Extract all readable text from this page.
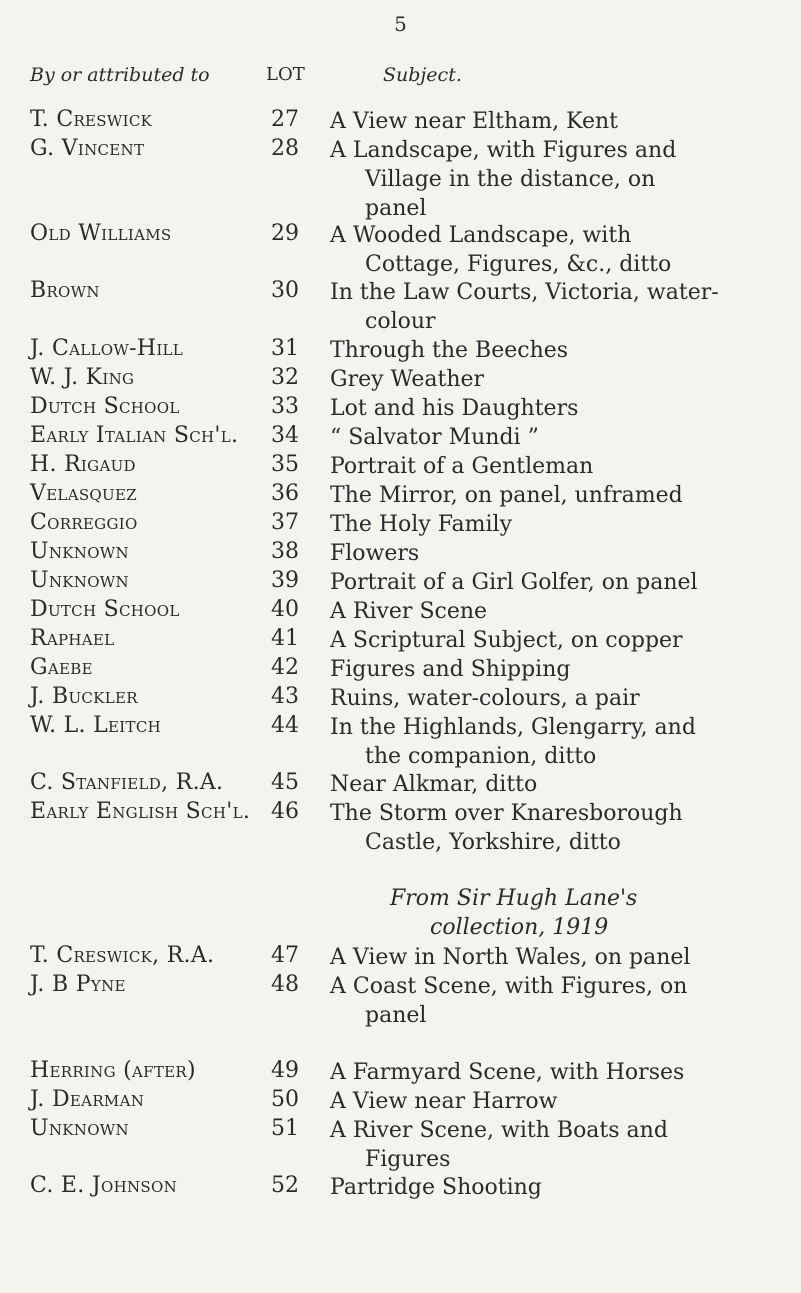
5
By or attributed to	LOT	Subject.
T. Creswick	27 A View near Eltham, Kent
G. Vincent	28 A Landscape, with Figures and
Village in the distance, on
panel
Old Williams	29 A Wooded Landscape, with
Cottage, Figures, &c., ditto
Brown	30 In the Law Courts, Victoria, water-
colour
J. Callow-Hill	31 Through the Beeches
W. J. King	32 Grey Weather
Dutch School	33 Lot and his Daughters
Early Italian Sch'l. 34 “ Salvator Mundi ”
H. Rigaud	35 Portrait of a Gentleman
Velasquez	36 The Mirror, on panel, unframed
Correggio	37 The Holy Family
Unknown	38 Flowers
Unknown	39 Portrait of a Girl Golfer, on panel
Dutch School	40 A River Scene
Raphael	41 A Scriptural Subject, on copper
Gaebe	42 Figures and Shipping
J. Buckler	43 Ruins, water-colours, a pair
W. L. Leitch	44 In the Highlands, Glengarry, and
the companion, ditto
C. Stanfield, R.A. 45 Near Alkmar, ditto
Early English Sch'l. 46 The Storm over Knaresborough
Castle, Yorkshire, ditto
From Sir Hugh Lane's
collection, 1919
T. Creswick, R.A.	47 A View in North Wales, on panel
J. B Pyne	48 A Coast Scene, with Figures, on
panel
Herring (after)	49 A Farmyard Scene, with Horses
J. Dearman	50 A View near Harrow
Unknown	51 A River Scene, with Boats and
Figures
C. E. Johnson	52 Partridge Shooting
